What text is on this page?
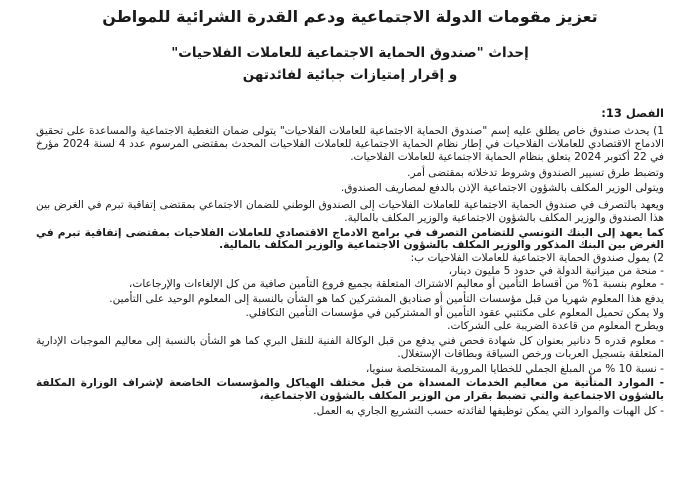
تعزيز مقومات الدولة الاجتماعية ودعم القدرة الشرائية للمواطن
إحداث "صندوق الحماية الاجتماعية للعاملات الفلاحيات"
و إقرار إمتيازات جبائية لفائدتهن
الفصل 13:

1) يحدث صندوق خاص يطلق عليه إسم "صندوق الحماية الاجتماعية للعاملات الفلاحيات" يتولى ضمان التغطية الاجتماعية والمساعدة على تحقيق الادماج الاقتصادي للعاملات الفلاحيات في إطار نظام الحماية الاجتماعية للعاملات الفلاحيات المحدث بمقتضى المرسوم عدد 4 لسنة 2024 مؤرخ في 22 أكتوبر 2024 يتعلق بنظام الحماية الاجتماعية للعاملات الفلاحيات.

وتضبط طرق تسيير الصندوق وشروط تدخلاته بمقتضى أمر.

ويتولى الوزير المكلف بالشؤون الاجتماعية الإذن بالدفع لمصاريف الصندوق.

ويعهد بالتصرف في صندوق الحماية الاجتماعية للعاملات الفلاحيات إلى الصندوق الوطني للضمان الاجتماعي بمقتضى إتفاقية تبرم في الغرض بين هذا الصندوق والوزير المكلف بالشؤون الاجتماعية والوزير المكلف بالمالية.

كما يعهد إلى البنك التونسي للتضامن التصرف في برامج الادماج الاقتصادي للعاملات الفلاحيات بمقتضى إتفاقية تبرم في الغرض بين البنك المذكور والوزير المكلف بالشؤون الاجتماعية والوزير المكلف بالمالية.

2) يمول صندوق الحماية الاجتماعية للعاملات الفلاحيات ب:

- منحة من ميزانية الدولة في حدود 5 مليون دينار،

- معلوم بنسبة 1% من أقساط التأمين أو معاليم الاشتراك المتعلقة بجميع فروع التأمين صافية من كل الإلغاءات والإرجاعات،

يدفع هذا المعلوم شهريا من قبل مؤسسات التأمين أو صناديق المشتركين كما هو الشأن بالنسبة إلى المعلوم الوحيد على التأمين.

ولا يمكن تحميل المعلوم على مكتتبي عقود التأمين أو المشتركين في مؤسسات التأمين التكافلي.

ويطرح المعلوم من قاعدة الضريبة على الشركات.

- معلوم قدره 5 دنانير بعنوان كل شهادة فحص فني يدفع من قبل الوكالة الفنية للنقل البري كما هو الشأن بالنسبة إلى معاليم الموجبات الإدارية المتعلقة بتسجيل العربات ورخص السياقة وبطاقات الإستغلال.

- نسبة 10 % من المبلغ الجملي للخطايا المرورية المستخلصة سنويا،

- الموارد المتأتية من معاليم الخدمات المسداة من قبل مختلف الهياكل والمؤسسات الخاضعة لإشراف الوزارة المكلفة بالشؤون الاجتماعية والتي تضبط بقرار من الوزير المكلف بالشؤون الاجتماعية،

- كل الهبات والموارد التي يمكن توظيفها لفائدته حسب التشريع الجاري به العمل.
